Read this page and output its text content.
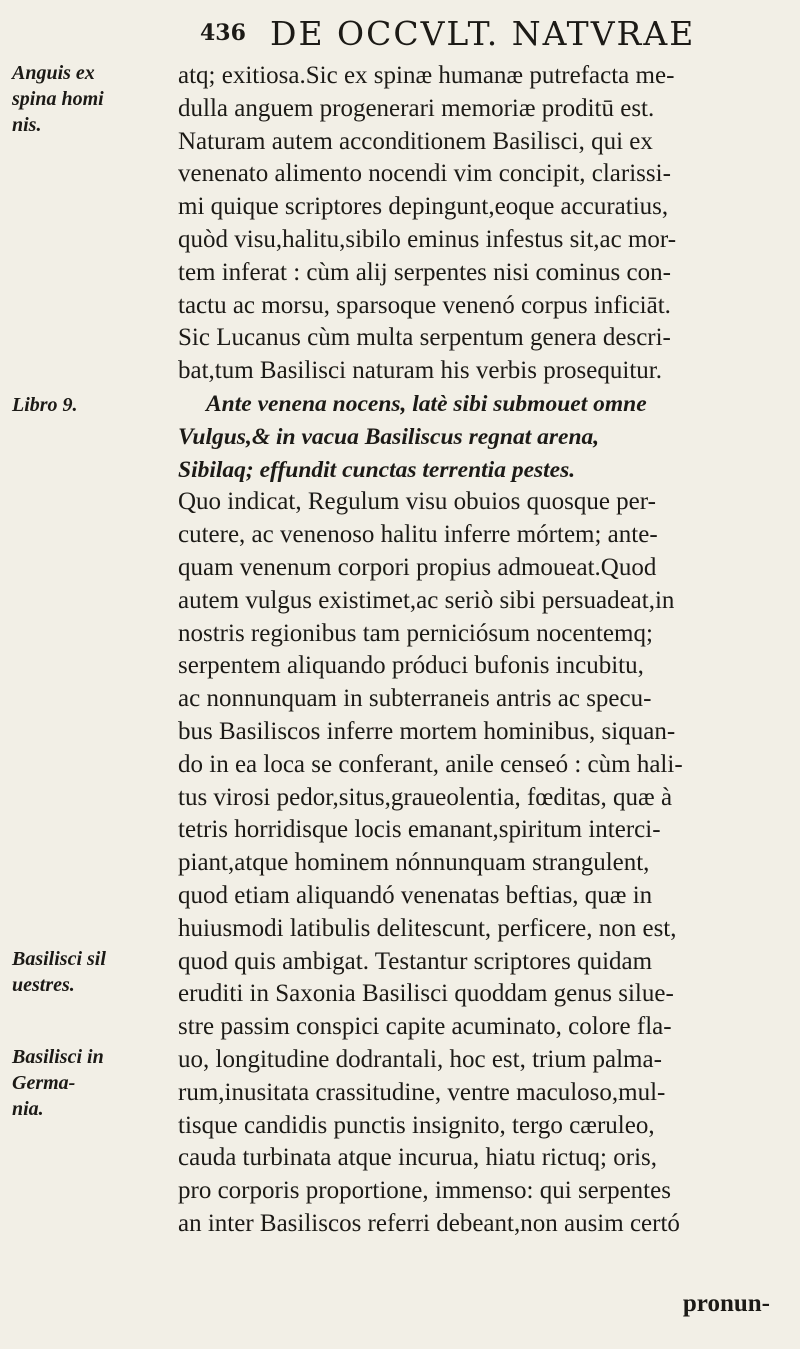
436 DE OCCVLT. NATVRAE
Anguis ex
spina homi
nis.
Libro 9.
Basilisci sil
uestres.
Basilisci in
Germa-
nia.
atq; exitiosa.Sic ex spinæ humanæ putrefacta me-
dulla anguem progenerari memoriæ proditū est.
Naturam autem acconditionem Basilisci, qui ex
venenato alimento nocendi vim concipit, clarissi-
mi quique scriptores depingunt,eoque accuratius,
quòd visu,halitu,sibilo eminus infestus sit,ac mor-
tem inferat : cùm alij serpentes nisi cominus con-
tactu ac morsu, sparsoque venenó corpus inficiāt.
Sic Lucanus cùm multa serpentum genera descri-
bat,tum Basilisci naturam his verbis prosequitur.
Ante venena nocens, latè sibi submouet omne
Vulgus,& in vacua Basiliscus regnat arena,
Sibilaq; effundit cunctas terrentia pestes.
Quo indicat, Regulum visu obuios quosque per-
cutere, ac venenoso halitu inferre mórtem; ante-
quam venenum corpori propius admoueat.Quod
autem vulgus existimet,ac seriò sibi persuadeat,in
nostris regionibus tam perniciósum nocentemq;
serpentem aliquando próduci bufonis incubitu,
ac nonnunquam in subterraneis antris ac specu-
bus Basiliscos inferre mortem hominibus, siquan-
do in ea loca se conferant, anile censeó : cùm hali-
tus virosi pedor,situs,graueolentia, fœditas, quæ à
tetris horridisque locis emanant,spiritum interci-
piant,atque hominem nónnunquam strangulent,
quod etiam aliquandó venenatas beftias, quæ in
huiusmodi latibulis delitescunt, perficere, non est,
quod quis ambigat. Testantur scriptores quidam
eruditi in Saxonia Basilisci quoddam genus silue-
stre passim conspici capite acuminato, colore fla-
uo, longitudine dodrantali, hoc est, trium palma-
rum,inusitata crassitudine, ventre maculoso,mul-
tisque candidis punctis insignito, tergo cæruleo,
cauda turbinata atque incurua, hiatu rictuq; oris,
pro corporis proportione, immenso: qui serpentes
an inter Basiliscos referri debeant,non ausim certó
pronun-
